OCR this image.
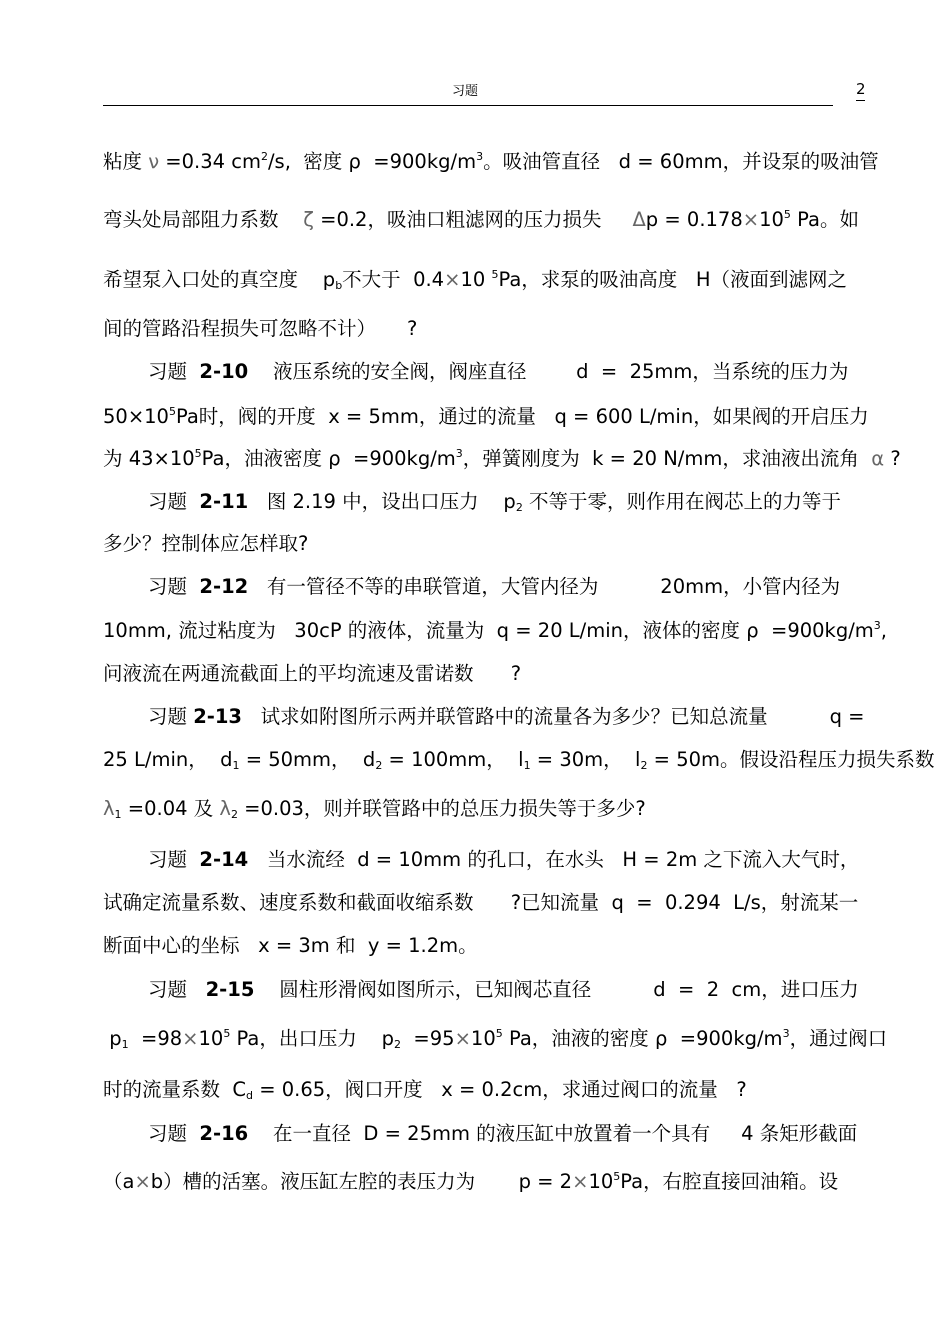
习题	2
粘度 ν =0.34 $cm^2/s$,  密度 $\rho =900kg/m^3$。吸油管直径   d = 60mm，并设泵的吸油管
弯头处局部阻力系数    ζ =0.2，吸油口粗滤网的压力损失     $\Delta p = 0.178\times 10^5$ Pa。如
希望泵入口处的真空度    $p_b$不大于  0.4×10 $^5$Pa，求泵的吸油高度   H（液面到滤网之
间的管路沿程损失可忽略不计）     ?
习题  2-10    液压系统的安全阀，阀座直径        d  =  25mm，当系统的压力为
$50\times 10^5Pa$时，阀的开度  x = 5mm，通过的流量   q = 600 L/min，如果阀的开启压力
为 $43\times 10^5Pa$，油液密度 $\rho =900kg/m^3$，弹簧刚度为  k = 20 N/mm，求油液出流角  α ?
习题  2-11   图 2.19 中，设出口压力    $p_2$ 不等于零，则作用在阀芯上的力等于
多少？控制体应怎样取?
习题  2-12   有一管径不等的串联管道，大管内径为          20mm，小管内径为
10mm, 流过粘度为   30cP 的液体，流量为  q = 20 L/min，液体的密度 $\rho =900kg/m^3$,
问液流在两通流截面上的平均流速及雷诺数      ?
习题 2-13   试求如附图所示两并联管路中的流量各为多少？已知总流量          q =
25 L/min，  $d_1 = 50mm$，  $d_2 = 100mm$，  $l_1 = 30m$，  $l_2 = 50m$。假设沿程压力损失系数
$\lambda_1 =0.04$ 及 $\lambda_2 =0.03$，则并联管路中的总压力损失等于多少?
习题  2-14   当水流经  d = 10mm 的孔口，在水头   H = 2m 之下流入大气时，
试确定流量系数、速度系数和截面收缩系数      ?已知流量  q  =  0.294  L/s，射流某一
断面中心的坐标   x = 3m 和  y = 1.2m。
习题   2-15    圆柱形滑阀如图所示，已知阀芯直径          d  =  2  cm，进口压力
$p_1 =98\times 10^5$ Pa，出口压力    $p_2 =95\times 10^5$ Pa，油液的密度 $\rho =900kg/m^3$，通过阀口
时的流量系数  $C_d = 0.65$，阀口开度   x = 0.2cm，求通过阀口的流量   ?
习题  2-16    在一直径  D = 25mm 的液压缸中放置着一个具有     4 条矩形截面
（a×b）槽的活塞。液压缸左腔的表压力为       $p = 2\times 10^5Pa$，右腔直接回油箱。设
